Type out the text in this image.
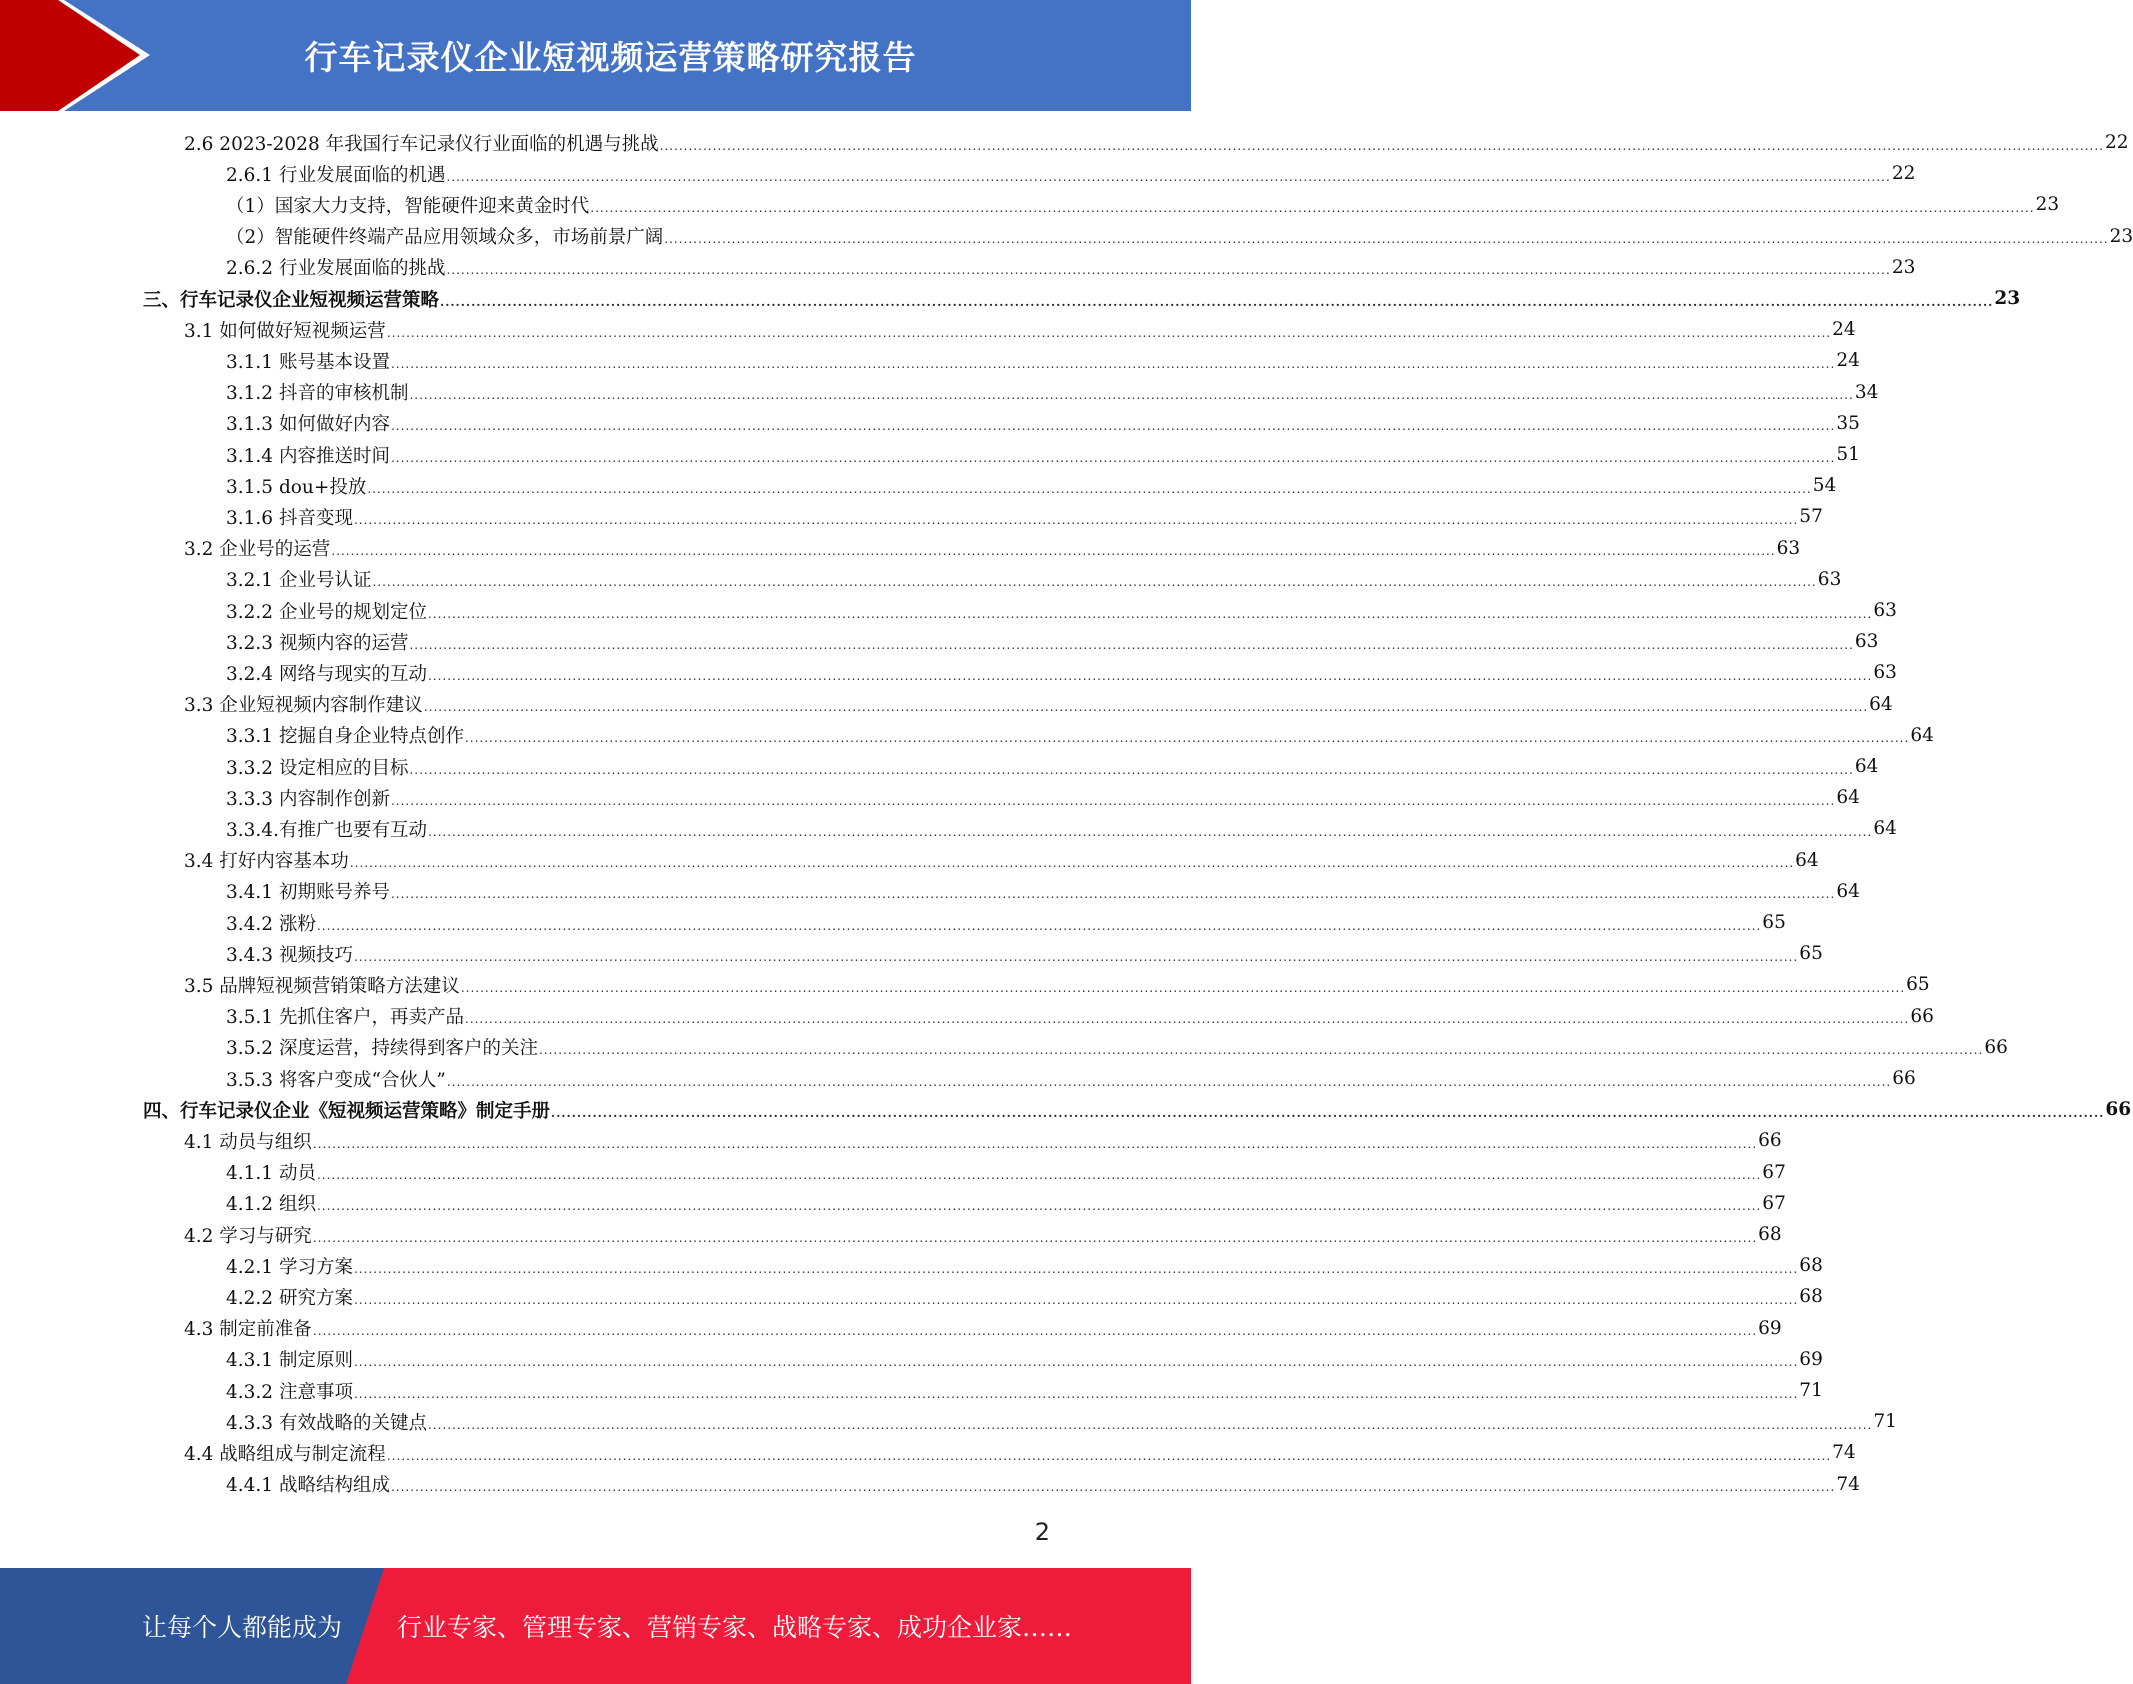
行车记录仪企业短视频运营策略研究报告
2.6 2023-2028 年我国行车记录仪行业面临的机遇与挑战 ............................................................................................................................................................................................................................................................................................................ 22
2.6.1 行业发展面临的机遇 ............................................................................................................................................................................................................................................................................................................ 22
（1）国家大力支持，智能硬件迎来黄金时代 ............................................................................................................................................................................................................................................................................................................ 23
（2）智能硬件终端产品应用领域众多，市场前景广阔 ............................................................................................................................................................................................................................................................................................................ 23
2.6.2 行业发展面临的挑战 ............................................................................................................................................................................................................................................................................................................ 23
三、行车记录仪企业短视频运营策略 ............................................................................................................................................................................................................................................................................................................ 23
3.1 如何做好短视频运营 ............................................................................................................................................................................................................................................................................................................ 24
3.1.1 账号基本设置 ............................................................................................................................................................................................................................................................................................................ 24
3.1.2 抖音的审核机制 ............................................................................................................................................................................................................................................................................................................ 34
3.1.3 如何做好内容 ............................................................................................................................................................................................................................................................................................................ 35
3.1.4 内容推送时间 ............................................................................................................................................................................................................................................................................................................ 51
3.1.5 dou+投放 ............................................................................................................................................................................................................................................................................................................ 54
3.1.6 抖音变现 ............................................................................................................................................................................................................................................................................................................ 57
3.2 企业号的运营 ............................................................................................................................................................................................................................................................................................................ 63
3.2.1 企业号认证 ............................................................................................................................................................................................................................................................................................................ 63
3.2.2 企业号的规划定位 ............................................................................................................................................................................................................................................................................................................ 63
3.2.3 视频内容的运营 ............................................................................................................................................................................................................................................................................................................ 63
3.2.4 网络与现实的互动 ............................................................................................................................................................................................................................................................................................................ 63
3.3 企业短视频内容制作建议 ............................................................................................................................................................................................................................................................................................................ 64
3.3.1 挖掘自身企业特点创作 ............................................................................................................................................................................................................................................................................................................ 64
3.3.2 设定相应的目标 ............................................................................................................................................................................................................................................................................................................ 64
3.3.3 内容制作创新 ............................................................................................................................................................................................................................................................................................................ 64
3.3.4.有推广也要有互动 ............................................................................................................................................................................................................................................................................................................ 64
3.4 打好内容基本功 ............................................................................................................................................................................................................................................................................................................ 64
3.4.1 初期账号养号 ............................................................................................................................................................................................................................................................................................................ 64
3.4.2 涨粉 ............................................................................................................................................................................................................................................................................................................ 65
3.4.3 视频技巧 ............................................................................................................................................................................................................................................................................................................ 65
3.5 品牌短视频营销策略方法建议 ............................................................................................................................................................................................................................................................................................................ 65
3.5.1 先抓住客户，再卖产品 ............................................................................................................................................................................................................................................................................................................ 66
3.5.2 深度运营，持续得到客户的关注 ............................................................................................................................................................................................................................................................................................................ 66
3.5.3 将客户变成“合伙人” ............................................................................................................................................................................................................................................................................................................ 66
四、行车记录仪企业《短视频运营策略》制定手册 ............................................................................................................................................................................................................................................................................................................ 66
4.1 动员与组织 ............................................................................................................................................................................................................................................................................................................ 66
4.1.1 动员 ............................................................................................................................................................................................................................................................................................................ 67
4.1.2 组织 ............................................................................................................................................................................................................................................................................................................ 67
4.2 学习与研究 ............................................................................................................................................................................................................................................................................................................ 68
4.2.1 学习方案 ............................................................................................................................................................................................................................................................................................................ 68
4.2.2 研究方案 ............................................................................................................................................................................................................................................................................................................ 68
4.3 制定前准备 ............................................................................................................................................................................................................................................................................................................ 69
4.3.1 制定原则 ............................................................................................................................................................................................................................................................................................................ 69
4.3.2 注意事项 ............................................................................................................................................................................................................................................................................................................ 71
4.3.3 有效战略的关键点 ............................................................................................................................................................................................................................................................................................................ 71
4.4 战略组成与制定流程 ............................................................................................................................................................................................................................................................................................................ 74
4.4.1 战略结构组成 ............................................................................................................................................................................................................................................................................................................ 74
2
让每个人都能成为 行业专家、管理专家、营销专家、战略专家、成功企业家……
